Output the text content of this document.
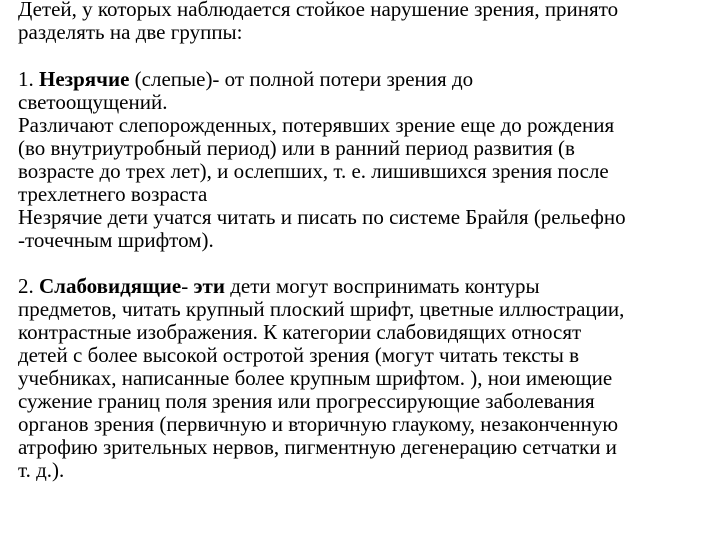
Детей, у которых наблюдается стойкое нарушение зрения, принято
разделять на две группы:
1. Незрячие (слепые)- от полной потери зрения до
светоощущений.
Различают слепорожденных, потерявших зрение еще до рождения
(во внутриутробный период) или в ранний период развития (в
возрасте до трех лет), и ослепших, т. е. лишившихся зрения после
трехлетнего возраста
Незрячие дети учатся читать и писать по системе Брайля (рельефно
-точечным шрифтом).
2. Слабовидящие- эти дети могут воспринимать контуры
предметов, читать крупный плоский шрифт, цветные иллюстрации,
контрастные изображения. К категории слабовидящих относят
детей с более высокой остротой зрения (могут читать тексты в
учебниках, написанные более крупным шрифтом. ), нои имеющие
сужение границ поля зрения или прогрессирующие заболевания
органов зрения (первичную и вторичную глаукому, незаконченную
атрофию зрительных нервов, пигментную дегенерацию сетчатки и
т. д.).
